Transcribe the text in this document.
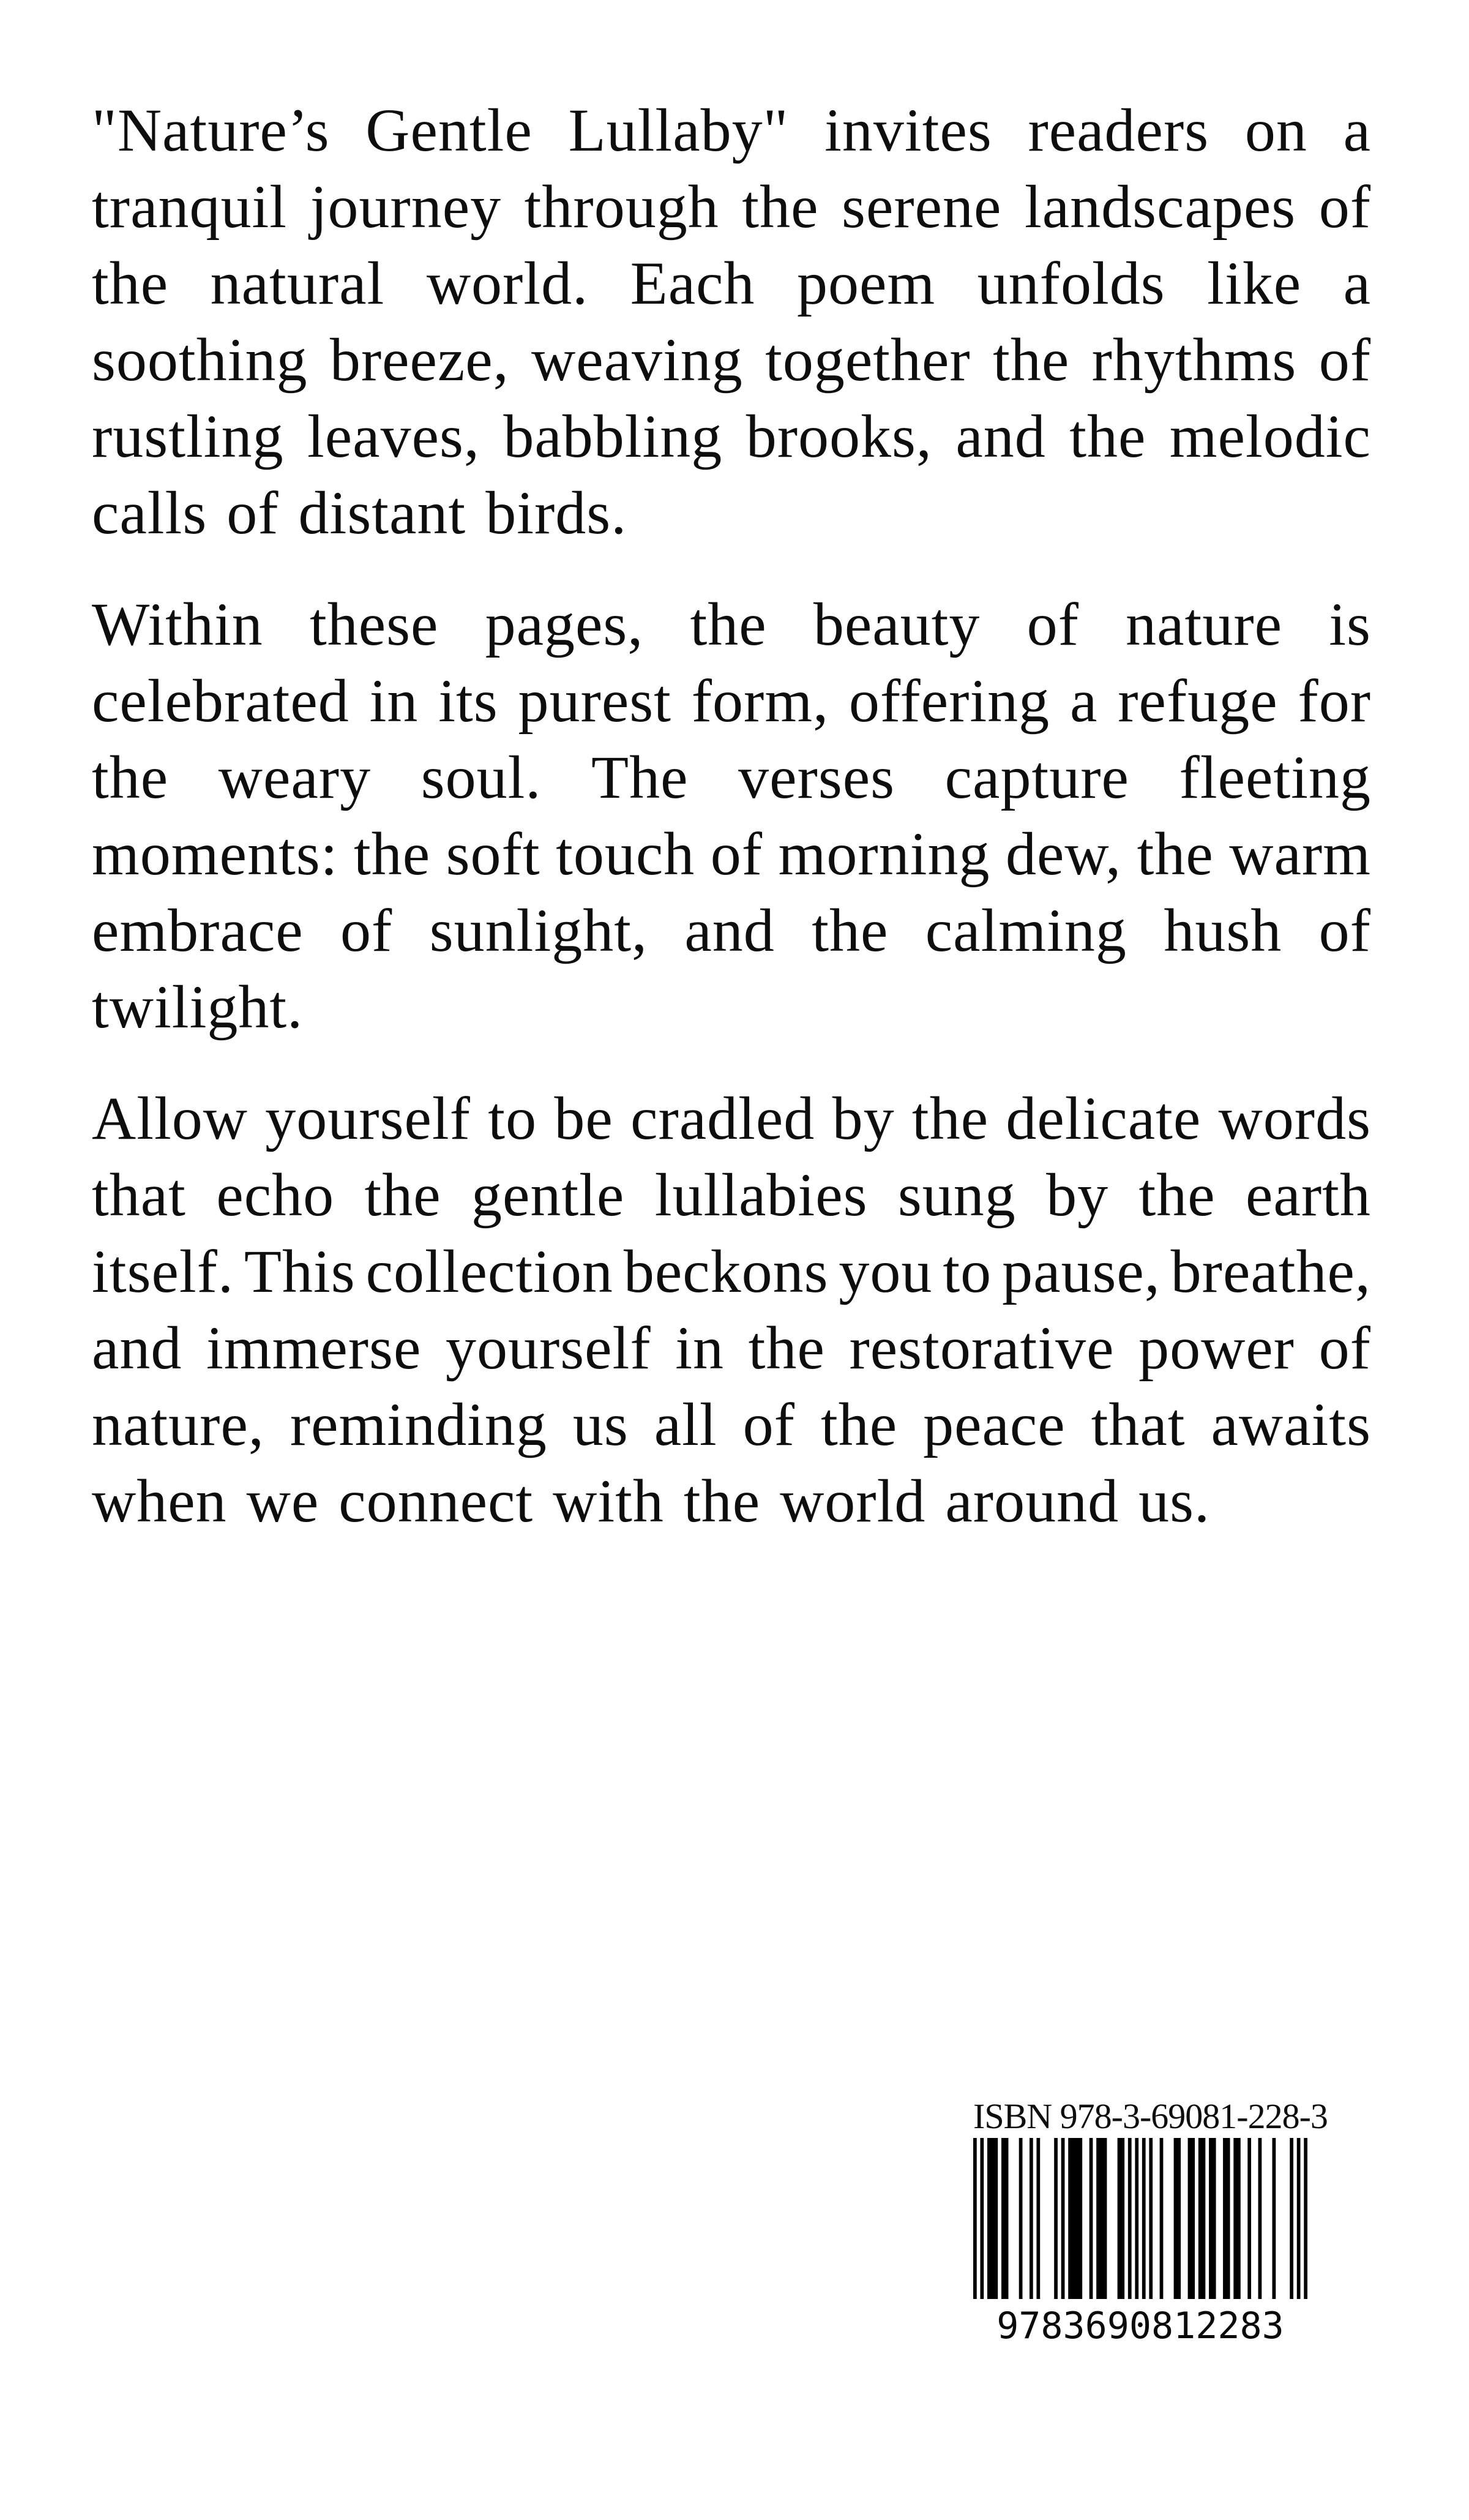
"Nature’s Gentle Lullaby" invites readers on a
tranquil journey through the serene landscapes of
the natural world. Each poem unfolds like a
soothing breeze, weaving together the rhythms of
rustling leaves, babbling brooks, and the melodic
calls of distant birds.
Within these pages, the beauty of nature is
celebrated in its purest form, offering a refuge for
the weary soul. The verses capture fleeting
moments: the soft touch of morning dew, the warm
embrace of sunlight, and the calming hush of
twilight.
Allow yourself to be cradled by the delicate words
that echo the gentle lullabies sung by the earth
itself. This collection beckons you to pause, breathe,
and immerse yourself in the restorative power of
nature, reminding us all of the peace that awaits
when we connect with the world around us.
ISBN 978-3-69081-228-3
9783690812283
